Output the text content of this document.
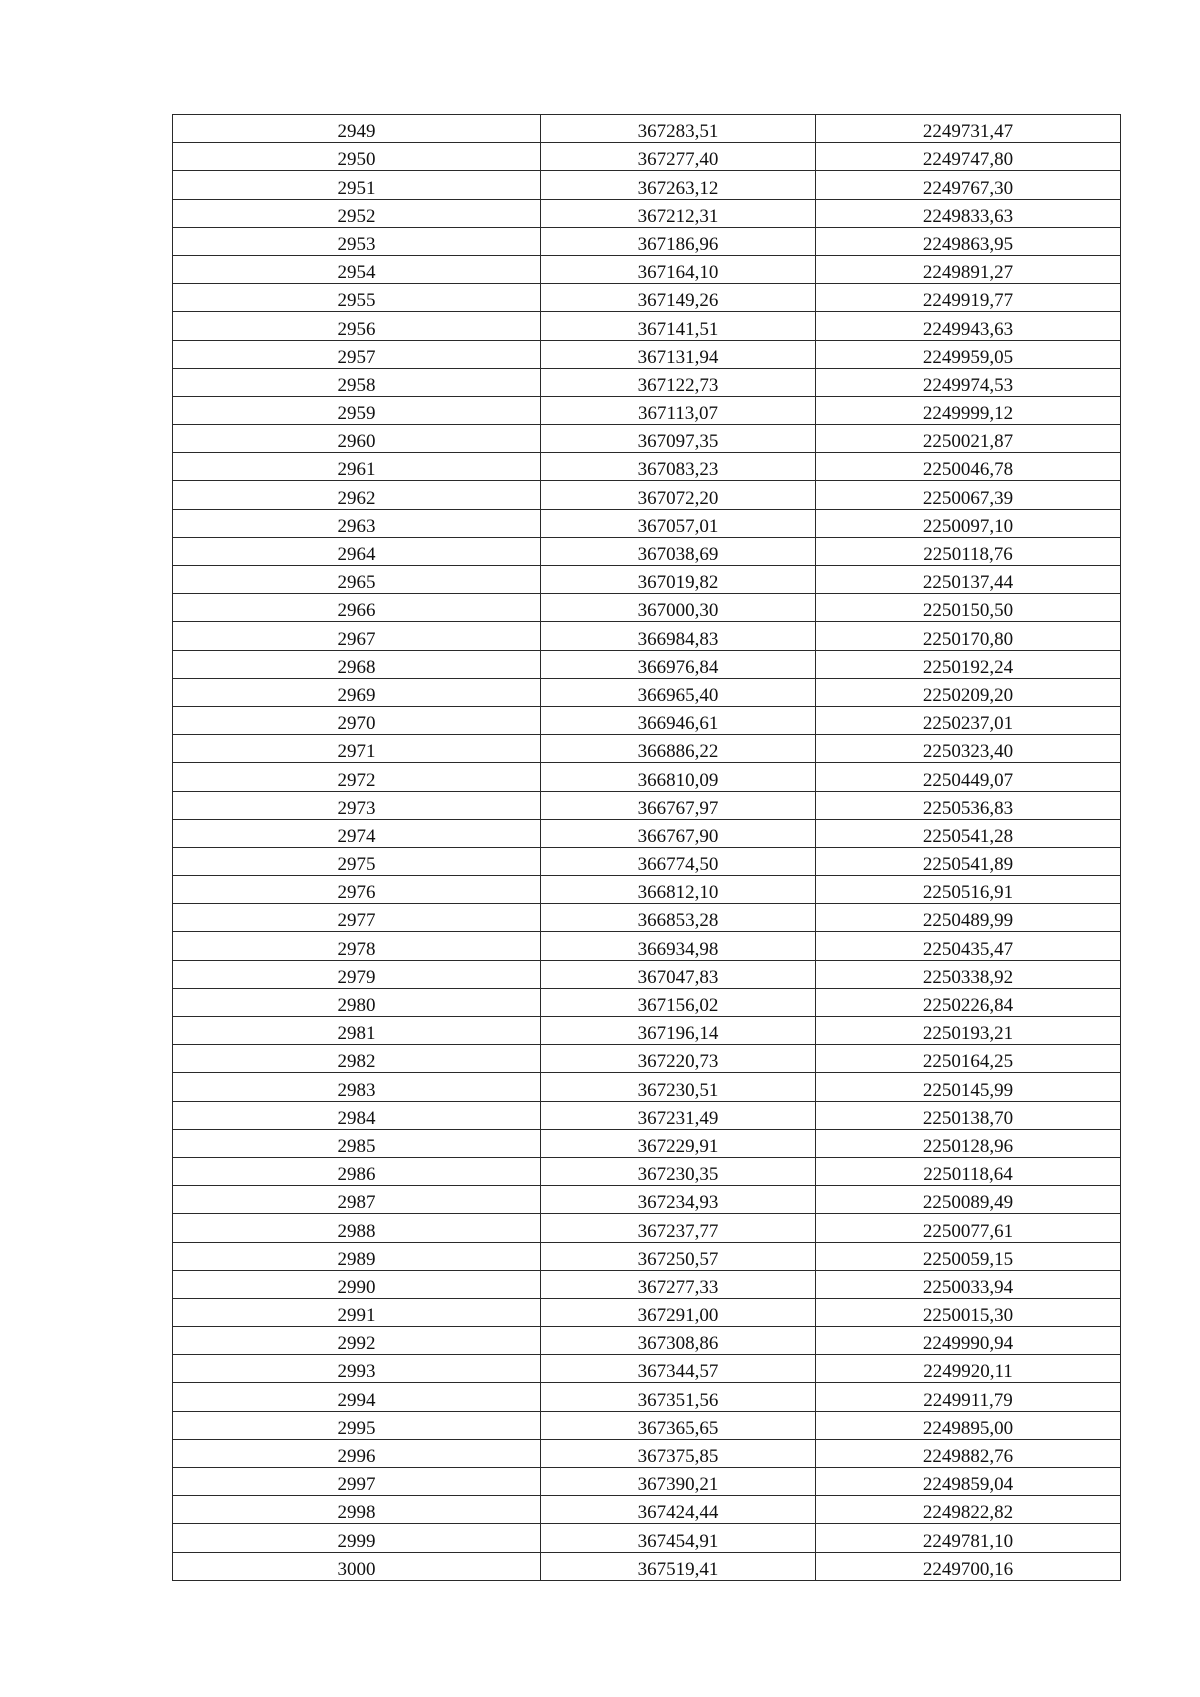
2949	367283,51	2249731,47
2950	367277,40	2249747,80
2951	367263,12	2249767,30
2952	367212,31	2249833,63
2953	367186,96	2249863,95
2954	367164,10	2249891,27
2955	367149,26	2249919,77
2956	367141,51	2249943,63
2957	367131,94	2249959,05
2958	367122,73	2249974,53
2959	367113,07	2249999,12
2960	367097,35	2250021,87
2961	367083,23	2250046,78
2962	367072,20	2250067,39
2963	367057,01	2250097,10
2964	367038,69	2250118,76
2965	367019,82	2250137,44
2966	367000,30	2250150,50
2967	366984,83	2250170,80
2968	366976,84	2250192,24
2969	366965,40	2250209,20
2970	366946,61	2250237,01
2971	366886,22	2250323,40
2972	366810,09	2250449,07
2973	366767,97	2250536,83
2974	366767,90	2250541,28
2975	366774,50	2250541,89
2976	366812,10	2250516,91
2977	366853,28	2250489,99
2978	366934,98	2250435,47
2979	367047,83	2250338,92
2980	367156,02	2250226,84
2981	367196,14	2250193,21
2982	367220,73	2250164,25
2983	367230,51	2250145,99
2984	367231,49	2250138,70
2985	367229,91	2250128,96
2986	367230,35	2250118,64
2987	367234,93	2250089,49
2988	367237,77	2250077,61
2989	367250,57	2250059,15
2990	367277,33	2250033,94
2991	367291,00	2250015,30
2992	367308,86	2249990,94
2993	367344,57	2249920,11
2994	367351,56	2249911,79
2995	367365,65	2249895,00
2996	367375,85	2249882,76
2997	367390,21	2249859,04
2998	367424,44	2249822,82
2999	367454,91	2249781,10
3000	367519,41	2249700,16
